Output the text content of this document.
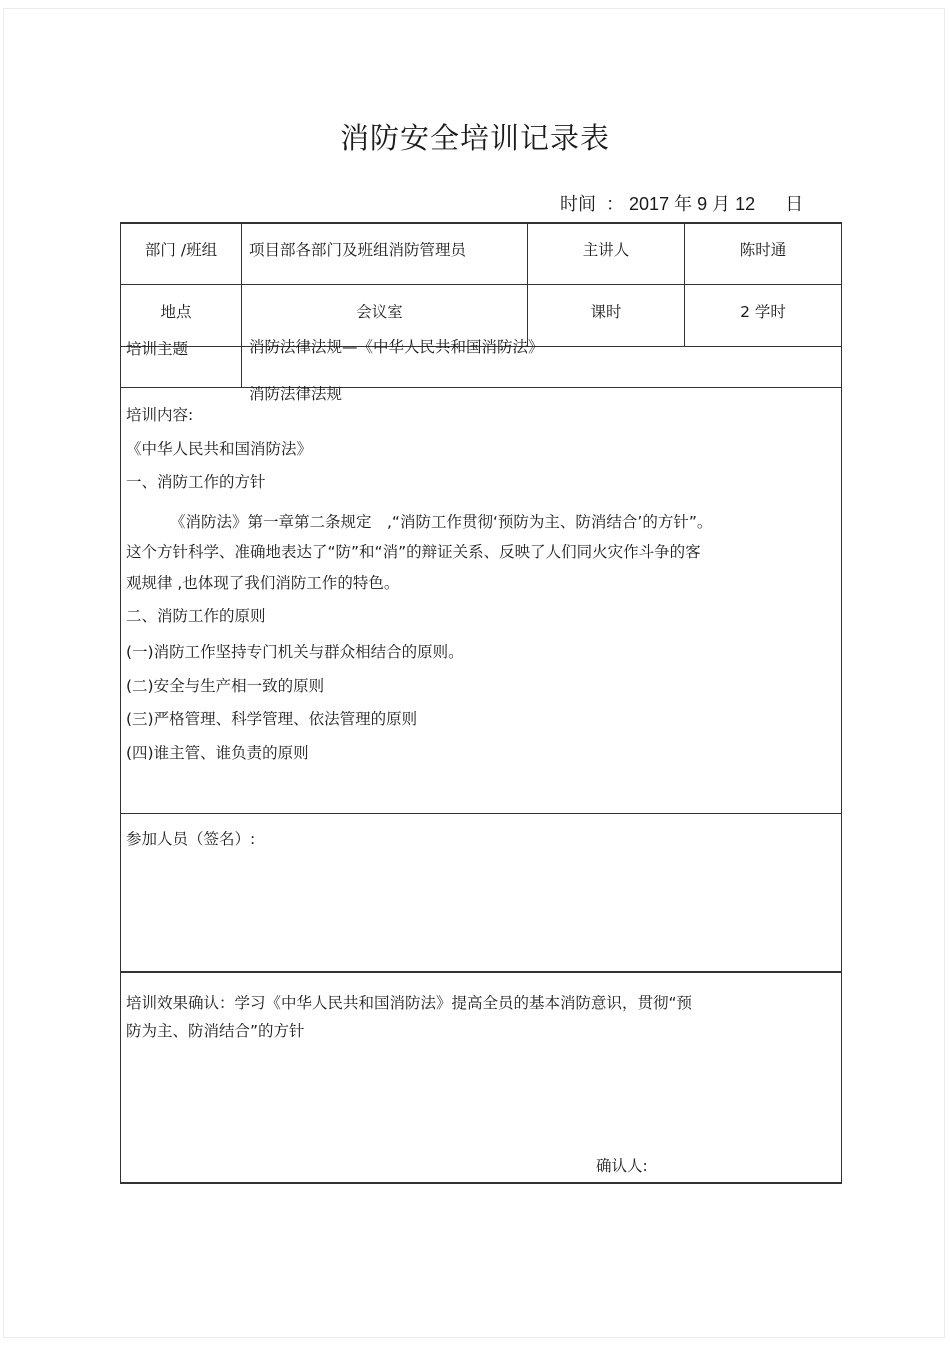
消防安全培训记录表
时间 ： 2017 年 9 月 12 日
部门 /班组	项目部各部门及班组消防管理员	主讲人	陈时通
地点	会议室	课时	2 学时
培训主题	消防法律法规—《中华人民共和国消防法》
消防法律法规
培训内容:
《中华人民共和国消防法》
一、消防工作的方针
《消防法》第一章第二条规定　,“消防工作贯彻‘预防为主、防消结合’的方针”。
这个方针科学、准确地表达了“防”和“消”的辩证关系、反映了人们同火灾作斗争的客
观规律 ,也体现了我们消防工作的特色。
二、消防工作的原则
(一)消防工作坚持专门机关与群众相结合的原则。
(二)安全与生产相一致的原则
(三)严格管理、科学管理、依法管理的原则
(四)谁主管、谁负责的原则
参加人员（签名）:
培训效果确认：学习《中华人民共和国消防法》提高全员的基本消防意识，贯彻“预
防为主、防消结合”的方针
确认人:
